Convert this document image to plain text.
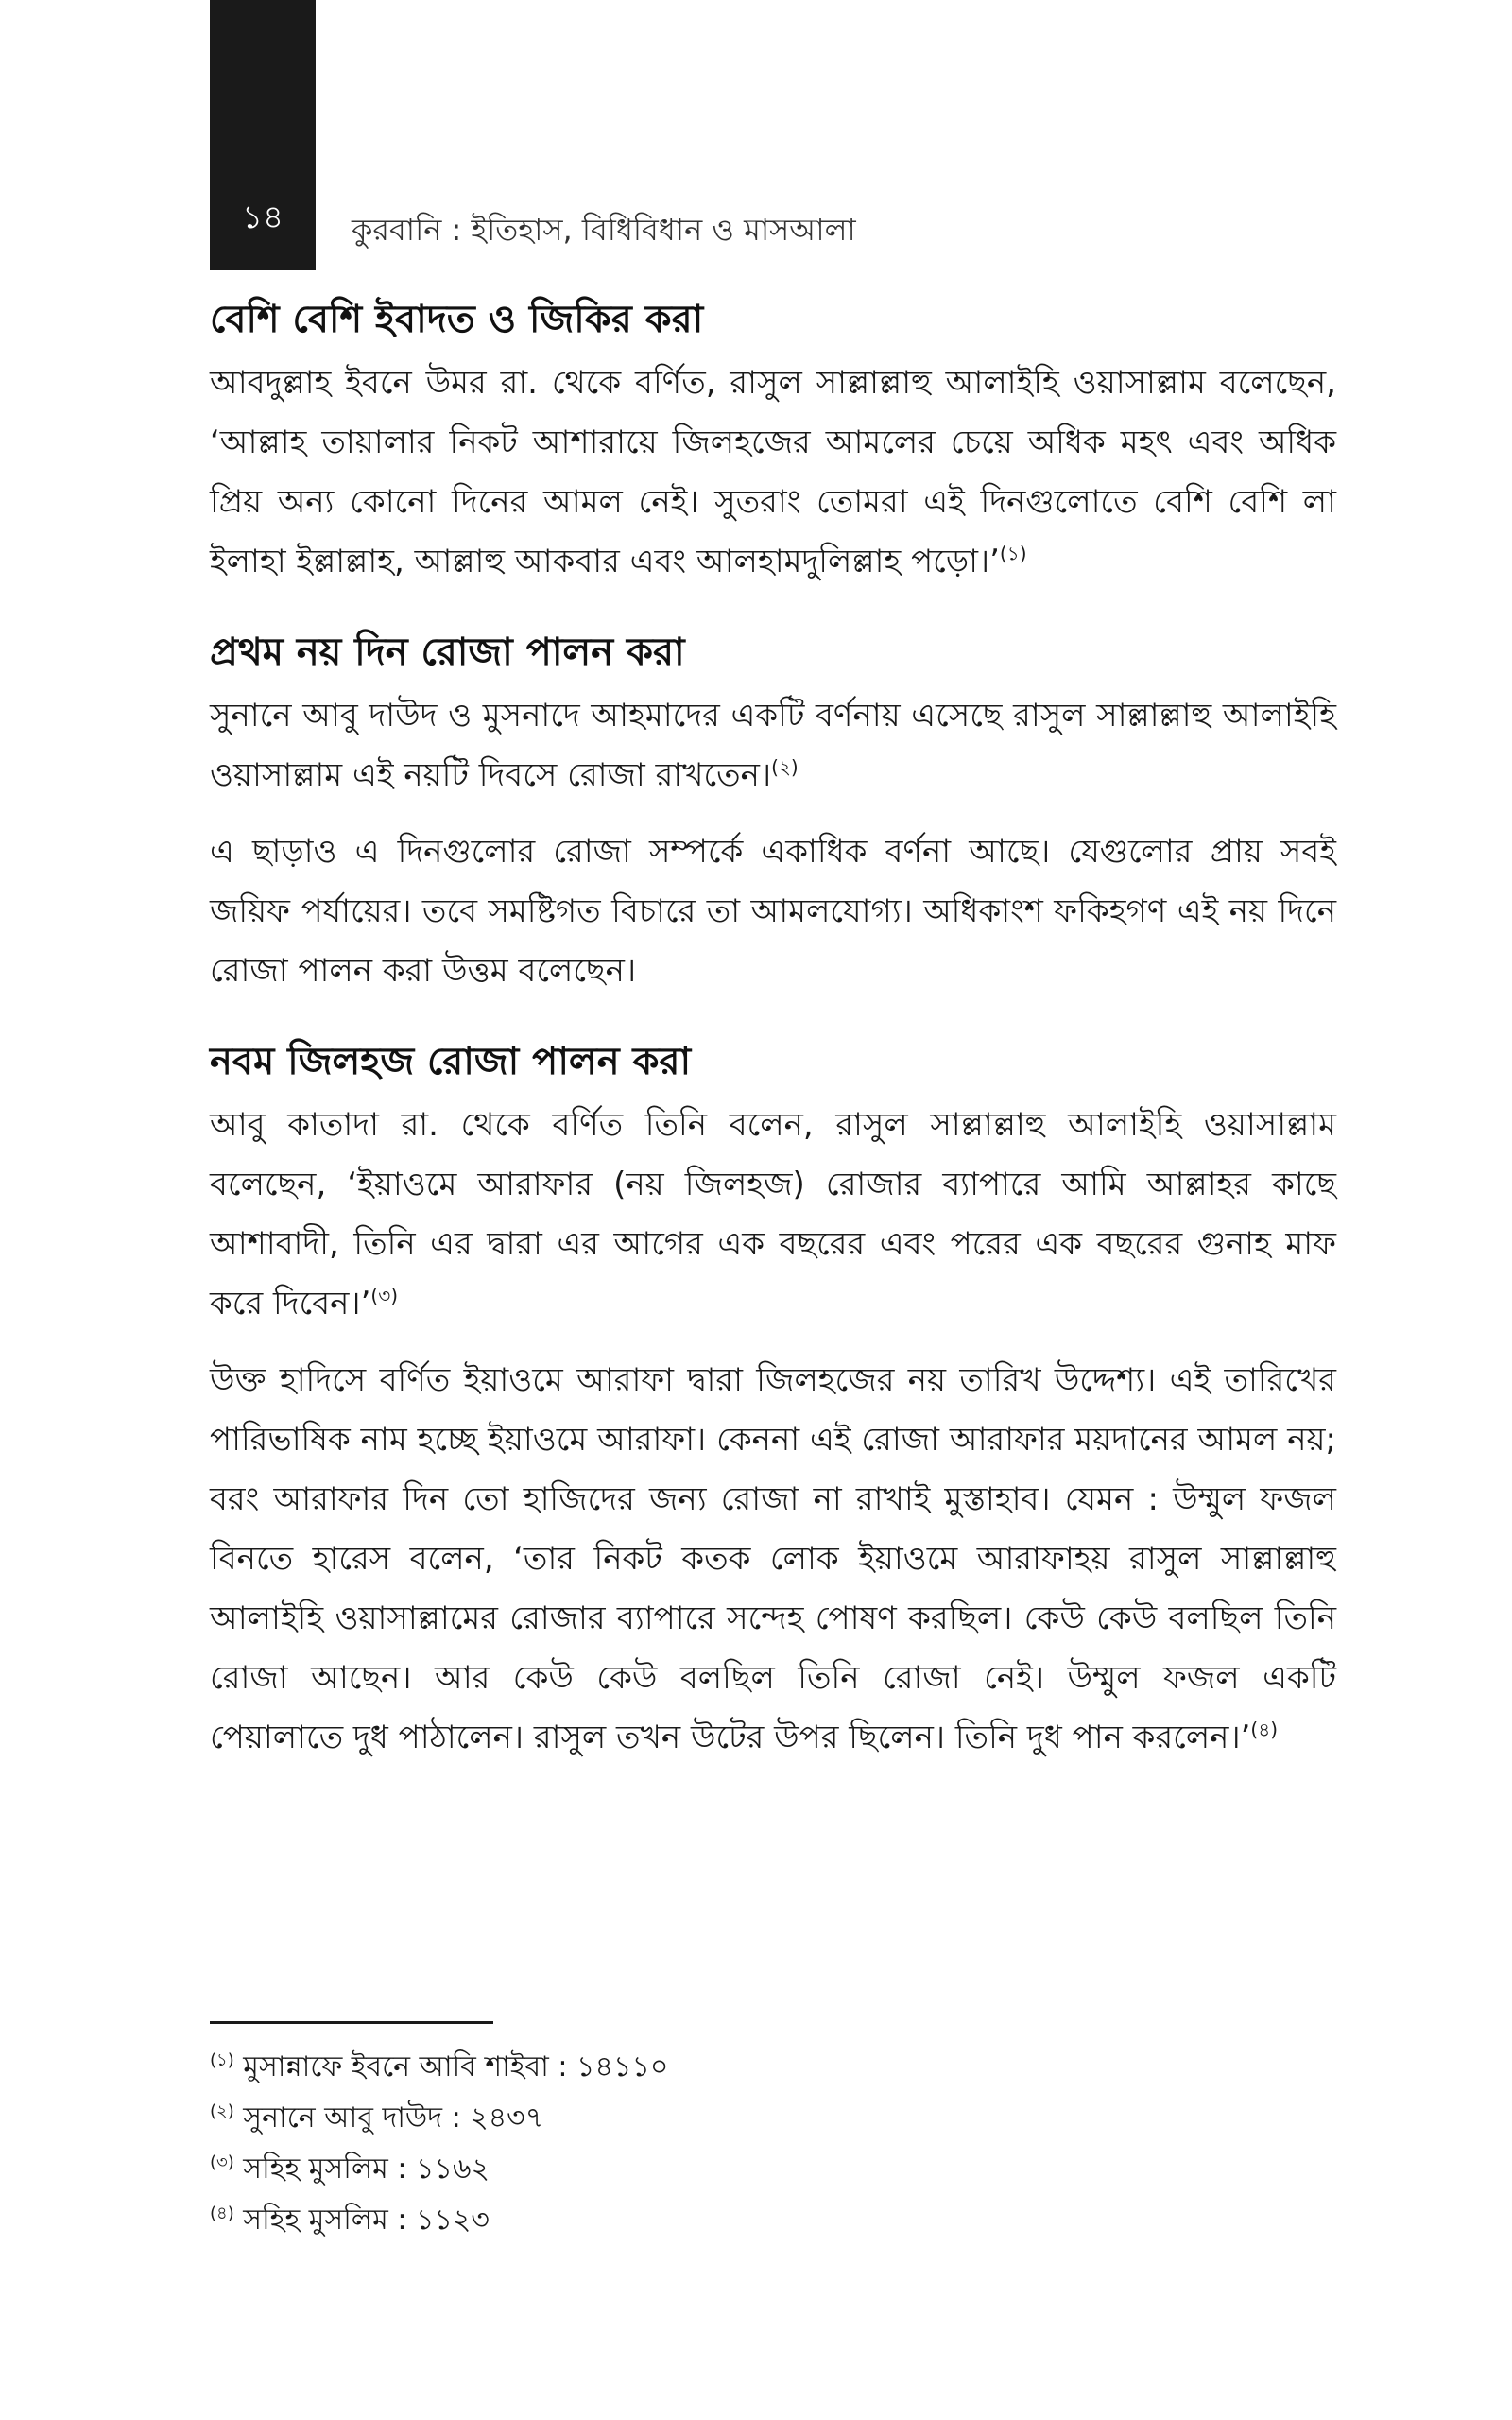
১৪	কুরবানি : ইতিহাস, বিধিবিধান ও মাসআলা
বেশি বেশি ইবাদত ও জিকির করা

আবদুল্লাহ ইবনে উমর রা. থেকে বর্ণিত, রাসুল সাল্লাল্লাহু আলাইহি ওয়াসাল্লাম বলেছেন, ‘আল্লাহ তায়ালার নিকট আশারায়ে জিলহজের আমলের চেয়ে অধিক মহৎ এবং অধিক প্রিয় অন্য কোনো দিনের আমল নেই। সুতরাং তোমরা এই দিনগুলোতে বেশি বেশি লা ইলাহা ইল্লাল্লাহ, আল্লাহু আকবার এবং আলহামদুলিল্লাহ পড়ো।’$^{(১)}$

প্রথম নয় দিন রোজা পালন করা

সুনানে আবু দাউদ ও মুসনাদে আহমাদের একটি বর্ণনায় এসেছে রাসুল সাল্লাল্লাহু আলাইহি ওয়াসাল্লাম এই নয়টি দিবসে রোজা রাখতেন।$^{(২)}$

এ ছাড়াও এ দিনগুলোর রোজা সম্পর্কে একাধিক বর্ণনা আছে। যেগুলোর প্রায় সবই জয়িফ পর্যায়ের। তবে সমষ্টিগত বিচারে তা আমলযোগ্য। অধিকাংশ ফকিহগণ এই নয় দিনে রোজা পালন করা উত্তম বলেছেন।

নবম জিলহজ রোজা পালন করা

আবু কাতাদা রা. থেকে বর্ণিত তিনি বলেন, রাসুল সাল্লাল্লাহু আলাইহি ওয়াসাল্লাম বলেছেন, ‘ইয়াওমে আরাফার (নয় জিলহজ) রোজার ব্যাপারে আমি আল্লাহর কাছে আশাবাদী, তিনি এর দ্বারা এর আগের এক বছরের এবং পরের এক বছরের গুনাহ মাফ করে দিবেন।’$^{(৩)}$

উক্ত হাদিসে বর্ণিত ইয়াওমে আরাফা দ্বারা জিলহজের নয় তারিখ উদ্দেশ্য। এই তারিখের পারিভাষিক নাম হচ্ছে ইয়াওমে আরাফা। কেননা এই রোজা আরাফার ময়দানের আমল নয়; বরং আরাফার দিন তো হাজিদের জন্য রোজা না রাখাই মুস্তাহাব। যেমন : উম্মুল ফজল বিনতে হারেস বলেন, ‘তার নিকট কতক লোক ইয়াওমে আরাফাহয় রাসুল সাল্লাল্লাহু আলাইহি ওয়াসাল্লামের রোজার ব্যাপারে সন্দেহ পোষণ করছিল। কেউ কেউ বলছিল তিনি রোজা আছেন। আর কেউ কেউ বলছিল তিনি রোজা নেই। উম্মুল ফজল একটি পেয়ালাতে দুধ পাঠালেন। রাসুল তখন উটের উপর ছিলেন। তিনি দুধ পান করলেন।’$^{(৪)}$

$^{(১)}$ মুসান্নাফে ইবনে আবি শাইবা : ১৪১১০
$^{(২)}$ সুনানে আবু দাউদ : ২৪৩৭
$^{(৩)}$ সহিহ মুসলিম : ১১৬২
$^{(৪)}$ সহিহ মুসলিম : ১১২৩
